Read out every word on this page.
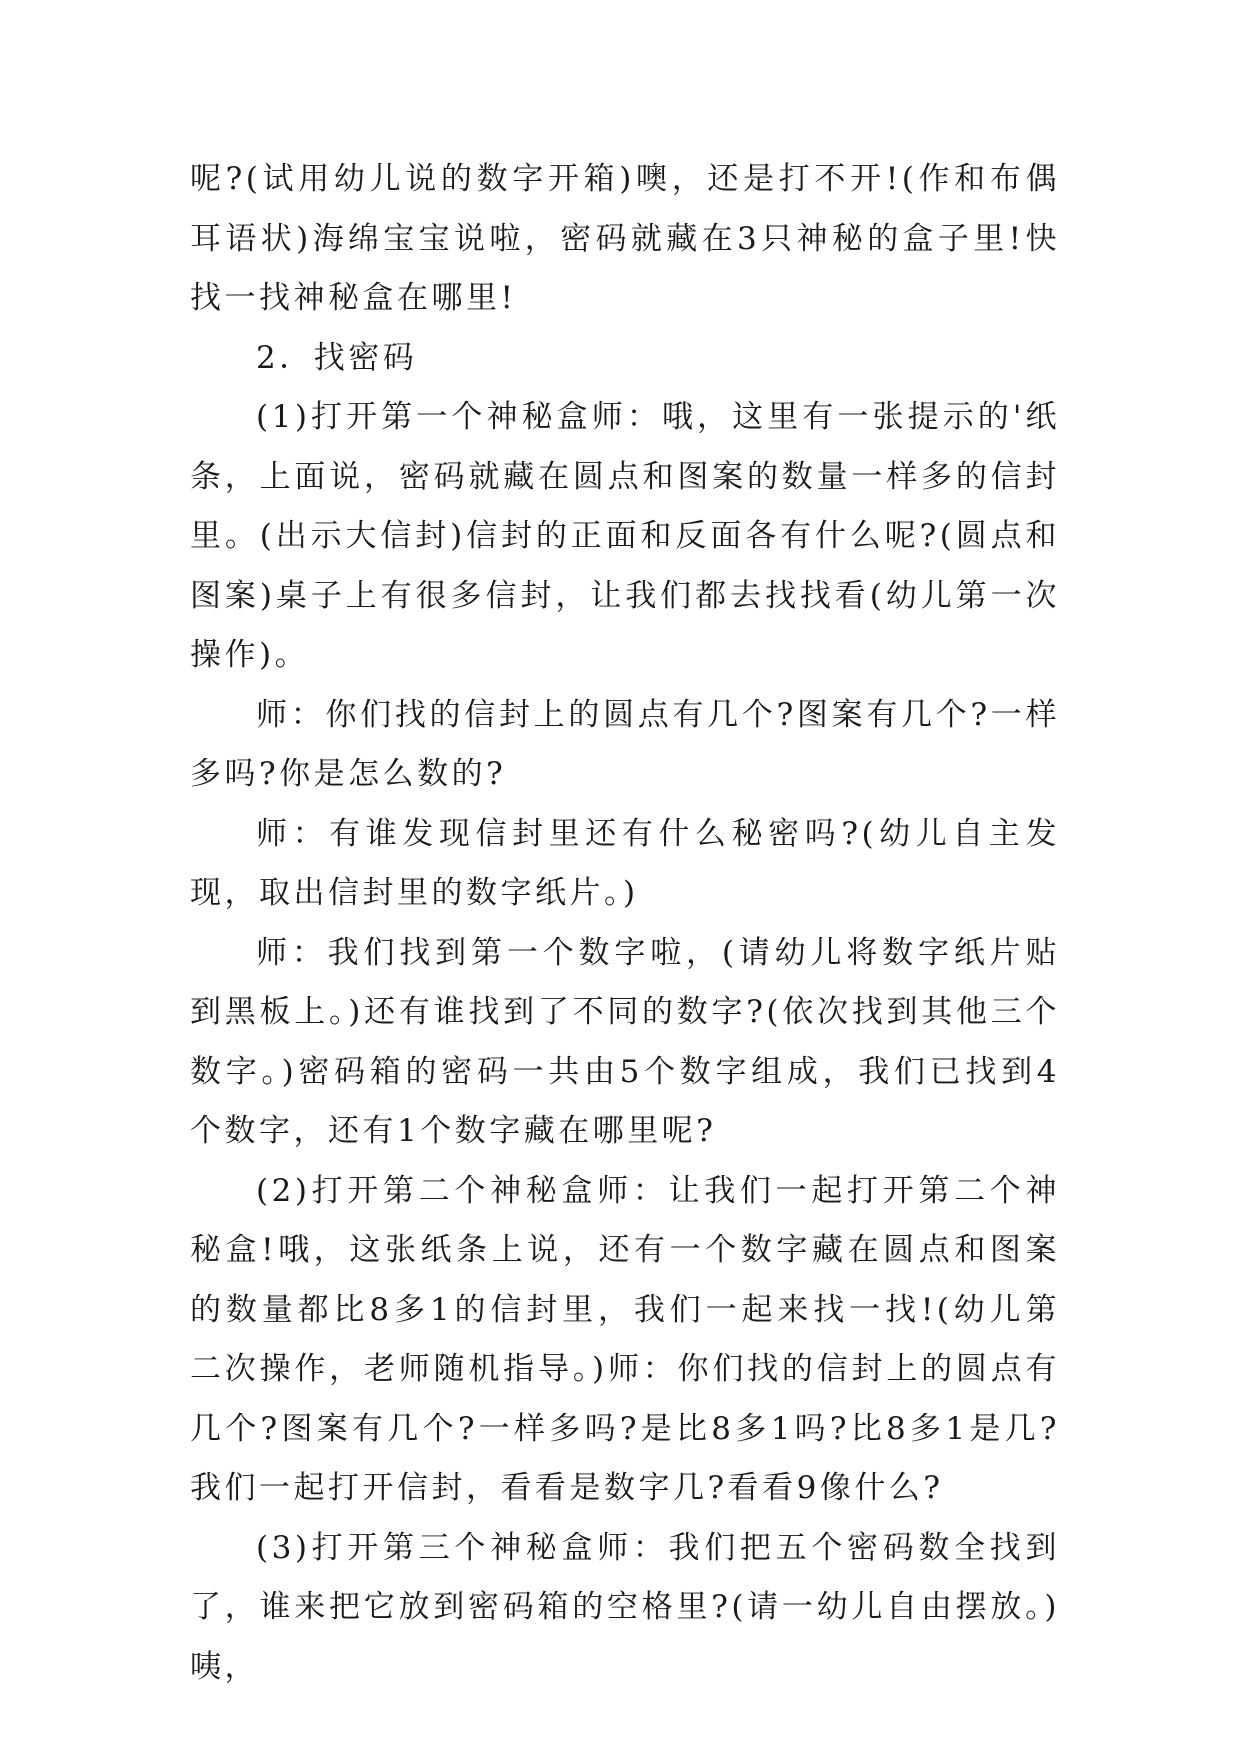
呢?(试用幼儿说的数字开箱)噢，还是打不开!(作和布偶耳语状)海绵宝宝说啦，密码就藏在3只神秘的盒子里!快找一找神秘盒在哪里!

2．找密码

(1)打开第一个神秘盒师：哦，这里有一张提示的'纸条，上面说，密码就藏在圆点和图案的数量一样多的信封里。(出示大信封)信封的正面和反面各有什么呢?(圆点和图案)桌子上有很多信封，让我们都去找找看(幼儿第一次操作)。

师：你们找的信封上的圆点有几个?图案有几个?一样多吗?你是怎么数的?

师：有谁发现信封里还有什么秘密吗?(幼儿自主发现，取出信封里的数字纸片。)

师：我们找到第一个数字啦，(请幼儿将数字纸片贴到黑板上。)还有谁找到了不同的数字?(依次找到其他三个数字。)密码箱的密码一共由5个数字组成，我们已找到4个数字，还有1个数字藏在哪里呢?

(2)打开第二个神秘盒师：让我们一起打开第二个神秘盒!哦，这张纸条上说，还有一个数字藏在圆点和图案的数量都比8多1的信封里，我们一起来找一找!(幼儿第二次操作，老师随机指导。)师：你们找的信封上的圆点有几个?图案有几个?一样多吗?是比8多1吗?比8多1是几?我们一起打开信封，看看是数字几?看看9像什么?

(3)打开第三个神秘盒师：我们把五个密码数全找到了，谁来把它放到密码箱的空格里?(请一幼儿自由摆放。)咦，
